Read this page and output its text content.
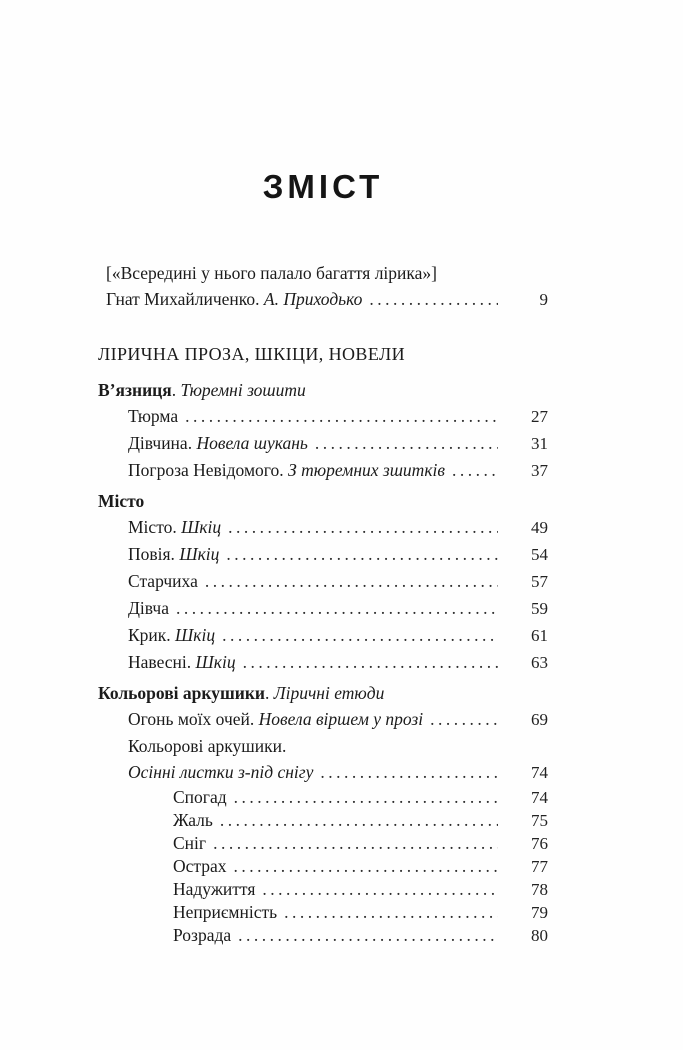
ЗМІСТ
[«Всередині у нього палало багаття лірика»]
Гнат Михайличенко. А. Приходько .....	9
ЛІРИЧНА ПРОЗА, ШКІЦИ, НОВЕЛИ
В’язниця. Тюремні зошити
Тюрма .....	27
Дівчина. Новела шукань .....	31
Погроза Невідомого. З тюремних зшитків .....	37
Місто
Місто. Шкіц .....	49
Повія. Шкіц .....	54
Старчиха .....	57
Дівча .....	59
Крик. Шкіц .....	61
Навесні. Шкіц .....	63
Кольорові аркушики. Ліричні етюди
Огонь моїх очей. Новела віршем у прозі .....	69
Кольорові аркушики.
Осінні листки з-під снігу .....	74
Спогад .....	74
Жаль .....	75
Сніг .....	76
Острах .....	77
Надужиття .....	78
Неприємність .....	79
Розрада .....	80
